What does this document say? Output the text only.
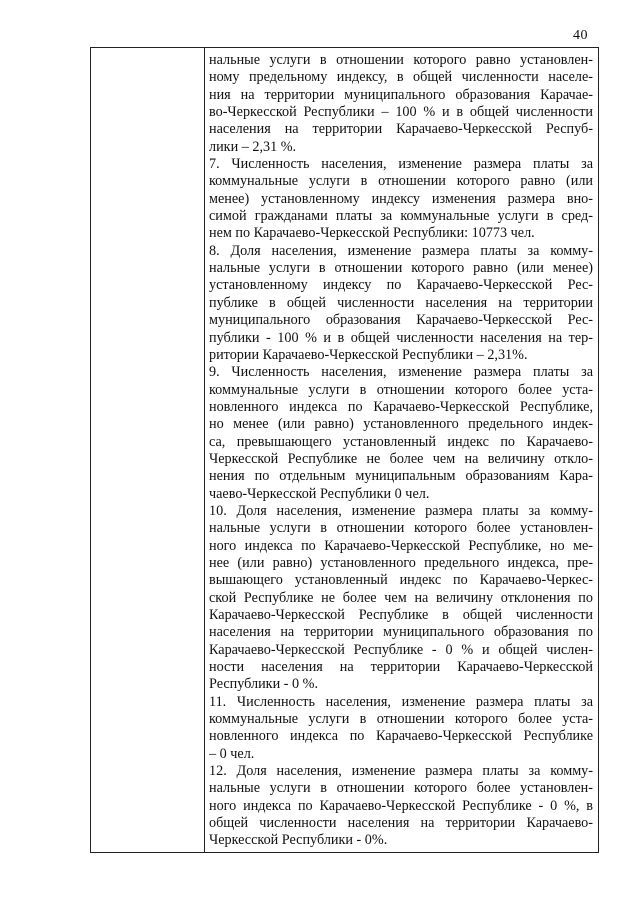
40
нальные услуги в отношении которого равно установлен-
ному предельному индексу, в общей численности населе-
ния на территории муниципального образования Карачае-
во-Черкесской Республики – 100 % и в общей численности
населения на территории Карачаево-Черкесской Респуб-
лики – 2,31 %.
7. Численность населения, изменение размера платы за
коммунальные услуги в отношении которого равно (или
менее) установленному индексу изменения размера вно-
симой гражданами платы за коммунальные услуги в сред-
нем по Карачаево-Черкесской Республики: 10773 чел.
8. Доля населения, изменение размера платы за комму-
нальные услуги в отношении которого равно (или менее)
установленному индексу по Карачаево-Черкесской Рес-
публике в общей численности населения на территории
муниципального образования Карачаево-Черкесской Рес-
публики - 100 % и в общей численности населения на тер-
ритории Карачаево-Черкесской Республики – 2,31%.
9. Численность населения, изменение размера платы за
коммунальные услуги в отношении которого более уста-
новленного индекса по Карачаево-Черкесской Республике,
но менее (или равно) установленного предельного индек-
са, превышающего установленный индекс по Карачаево-
Черкесской Республике не более чем на величину откло-
нения по отдельным муниципальным образованиям Кара-
чаево-Черкесской Республики 0 чел.
10. Доля населения, изменение размера платы за комму-
нальные услуги в отношении которого более установлен-
ного индекса по Карачаево-Черкесской Республике, но ме-
нее (или равно) установленного предельного индекса, пре-
вышающего установленный индекс по Карачаево-Черкес-
ской Республике не более чем на величину отклонения по
Карачаево-Черкесской Республике в общей численности
населения на территории муниципального образования по
Карачаево-Черкесской Республике - 0 % и общей числен-
ности населения на территории Карачаево-Черкесской
Республики - 0 %.
11. Численность населения, изменение размера платы за
коммунальные услуги в отношении которого более уста-
новленного индекса по Карачаево-Черкесской Республике
– 0 чел.
12. Доля населения, изменение размера платы за комму-
нальные услуги в отношении которого более установлен-
ного индекса по Карачаево-Черкесской Республике - 0 %, в
общей численности населения на территории Карачаево-
Черкесской Республики - 0%.
